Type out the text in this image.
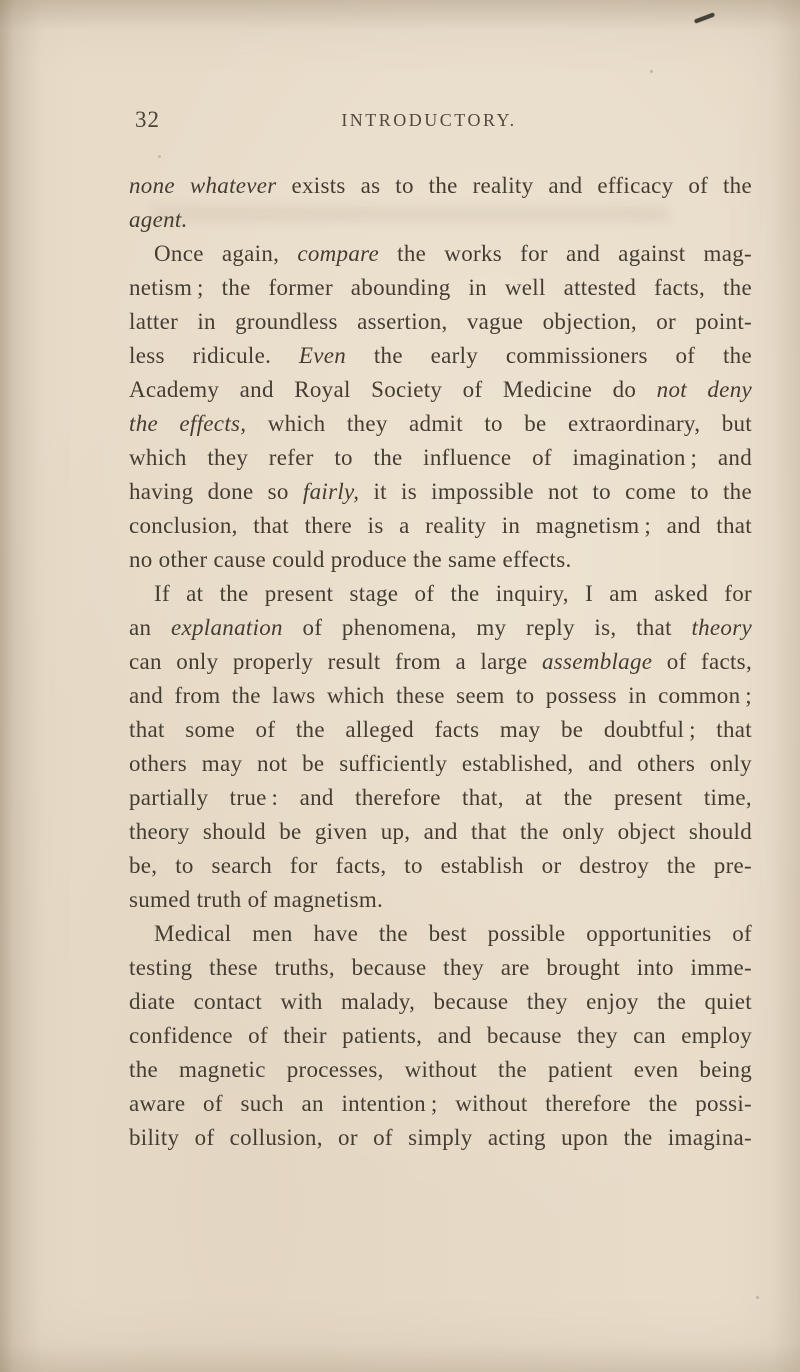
32	INTRODUCTORY.
none whatever exists as to the reality and efficacy of the
agent.
Once again, compare the works for and against mag-
netism ; the former abounding in well attested facts, the
latter in groundless assertion, vague objection, or point-
less ridicule. Even the early commissioners of the
Academy and Royal Society of Medicine do not deny
the effects, which they admit to be extraordinary, but
which they refer to the influence of imagination ; and
having done so fairly, it is impossible not to come to the
conclusion, that there is a reality in magnetism ; and that
no other cause could produce the same effects.
If at the present stage of the inquiry, I am asked for
an explanation of phenomena, my reply is, that theory
can only properly result from a large assemblage of facts,
and from the laws which these seem to possess in common ;
that some of the alleged facts may be doubtful ; that
others may not be sufficiently established, and others only
partially true : and therefore that, at the present time,
theory should be given up, and that the only object should
be, to search for facts, to establish or destroy the pre-
sumed truth of magnetism.
Medical men have the best possible opportunities of
testing these truths, because they are brought into imme-
diate contact with malady, because they enjoy the quiet
confidence of their patients, and because they can employ
the magnetic processes, without the patient even being
aware of such an intention ; without therefore the possi-
bility of collusion, or of simply acting upon the imagina-
